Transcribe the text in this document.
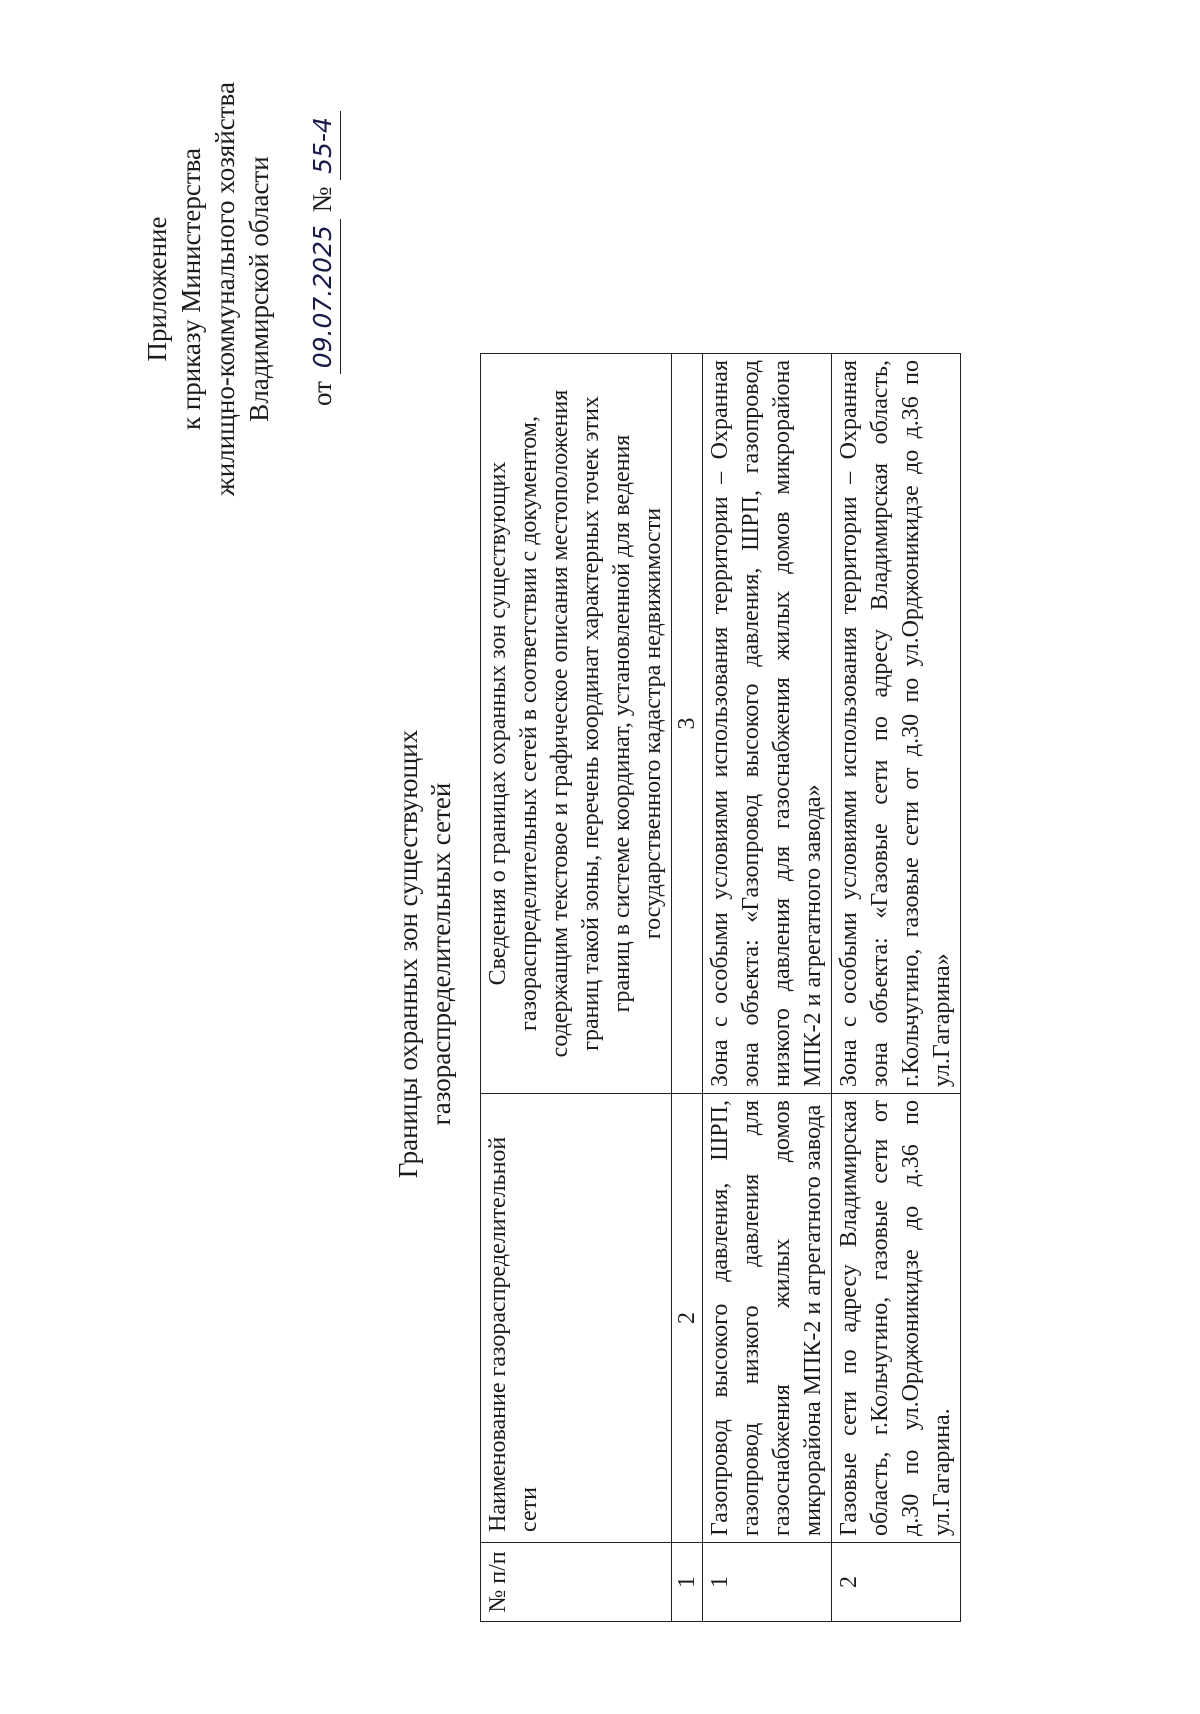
Приложение к приказу Министерства жилищно-коммунального хозяйства Владимирской области от 09.07.2025 № 55-4
Границы охранных зон существующих газораспределительных сетей
№ п/п	Наименование газораспределительной сети	Сведения о границах охранных зон существующих газораспределительных сетей в соответствии с документом, содержащим текстовое и графическое описания местоположения границ такой зоны, перечень координат характерных точек этих границ в системе координат, установленной для ведения государственного кадастра недвижимости
1	2	3
1	Газопровод высокого давления, ШРП, газопровод низкого давления для газоснабжения жилых домов микрорайона МПК-2 и агрегатного завода	Зона с особыми условиями использования территории – Охранная зона объекта: «Газопровод высокого давления, ШРП, газопровод низкого давления для газоснабжения жилых домов микрорайона МПК-2 и агрегатного завода»
2	Газовые сети по адресу Владимирская область, г.Кольчугино, газовые сети от д.30 по ул.Орджоникидзе до д.36 по ул.Гагарина.	Зона с особыми условиями использования территории – Охранная зона объекта: «Газовые сети по адресу Владимирская область, г.Кольчугино, газовые сети от д.30 по ул.Орджоникидзе до д.36 по ул.Гагарина»
